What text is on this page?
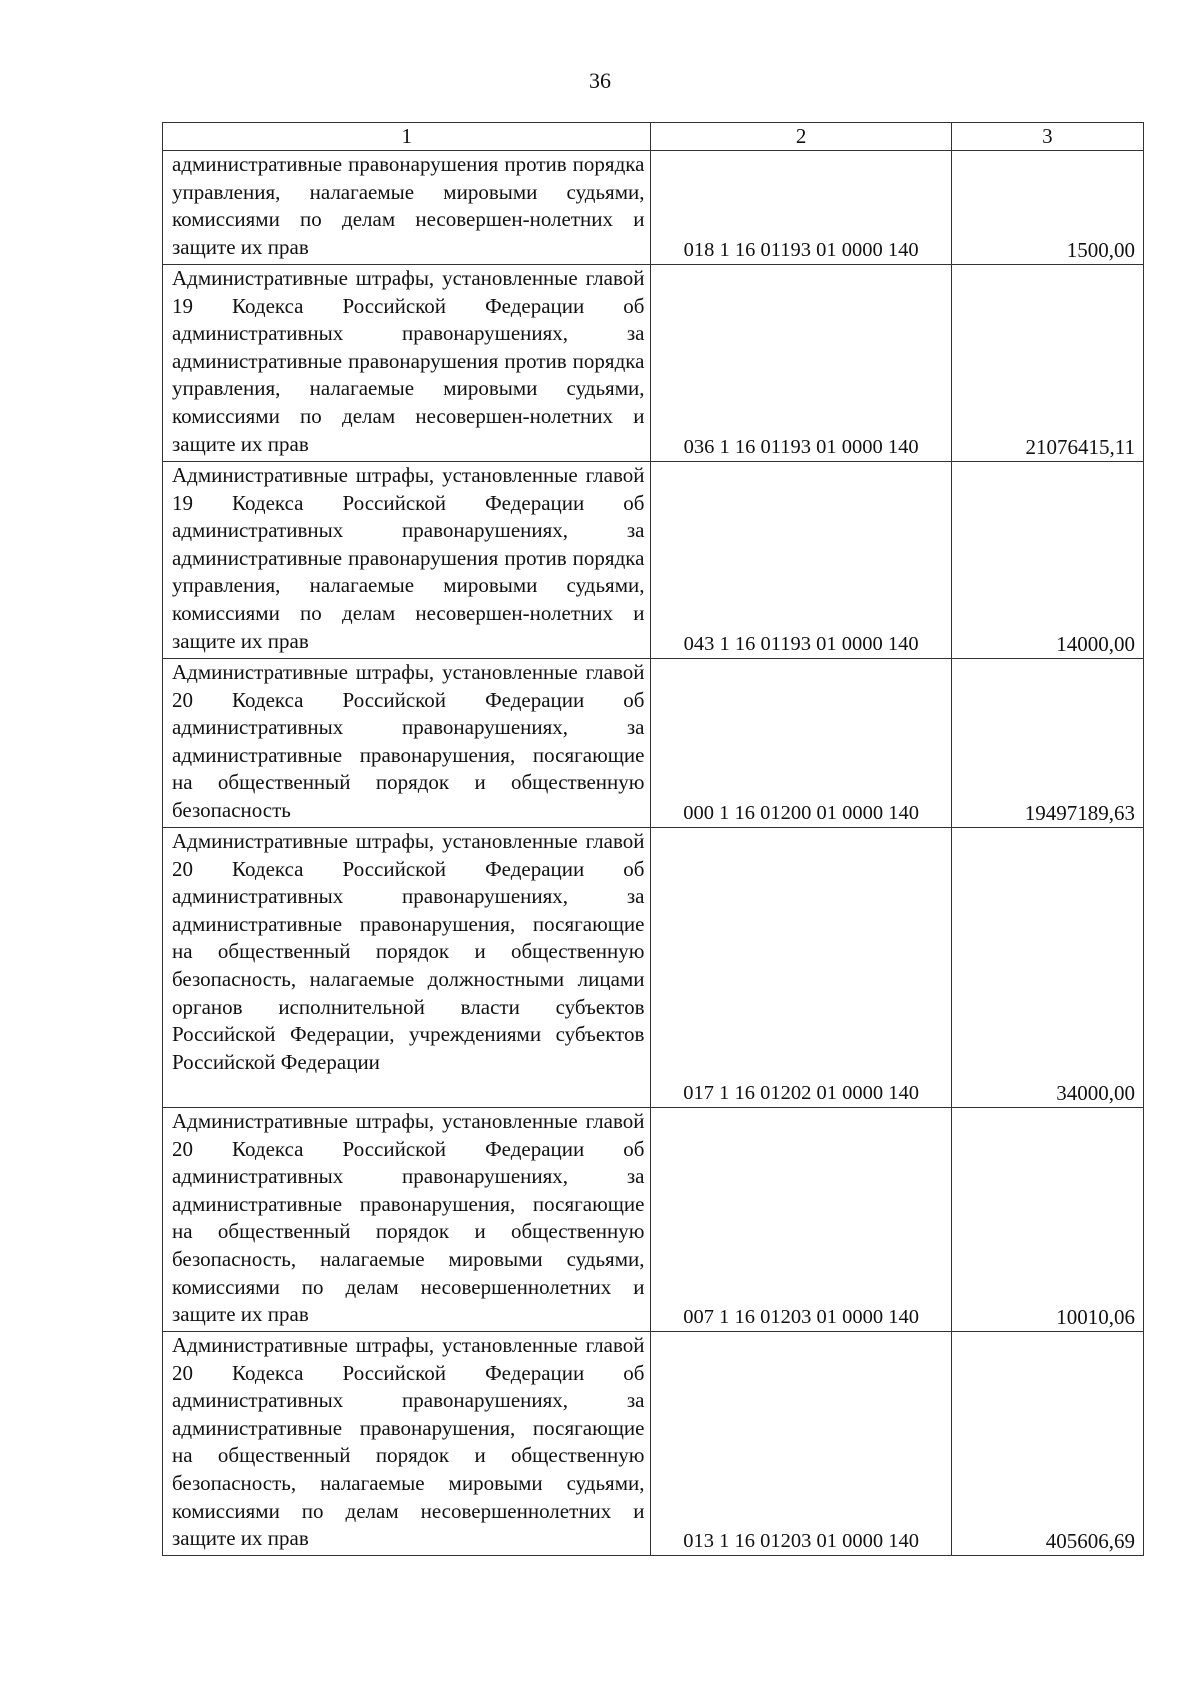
36
1	2	3
административные правонарушения против порядка управления, налагаемые мировыми судьями, комиссиями по делам несовершен-нолетних и защите их прав	018 1 16 01193 01 0000 140	1500,00
Административные штрафы, установленные главой 19 Кодекса Российской Федерации об административных правонарушениях, за административные правонарушения против порядка управления, налагаемые мировыми судьями, комиссиями по делам несовершен-нолетних и защите их прав	036 1 16 01193 01 0000 140	21076415,11
Административные штрафы, установленные главой 19 Кодекса Российской Федерации об административных правонарушениях, за административные правонарушения против порядка управления, налагаемые мировыми судьями, комиссиями по делам несовершен-нолетних и защите их прав	043 1 16 01193 01 0000 140	14000,00
Административные штрафы, установленные главой 20 Кодекса Российской Федерации об административных правонарушениях, за административные правонарушения, посягающие на общественный порядок и общественную безопасность	000 1 16 01200 01 0000 140	19497189,63
Административные штрафы, установленные главой 20 Кодекса Российской Федерации об административных правонарушениях, за административные правонарушения, посягающие на общественный порядок и общественную безопасность, налагаемые должностными лицами органов исполнительной власти субъектов Российской Федерации, учреждениями субъектов Российской Федерации	017 1 16 01202 01 0000 140	34000,00
Административные штрафы, установленные главой 20 Кодекса Российской Федерации об административных правонарушениях, за административные правонарушения, посягающие на общественный порядок и общественную безопасность, налагаемые мировыми судьями, комиссиями по делам несовершеннолетних и защите их прав	007 1 16 01203 01 0000 140	10010,06
Административные штрафы, установленные главой 20 Кодекса Российской Федерации об административных правонарушениях, за административные правонарушения, посягающие на общественный порядок и общественную безопасность, налагаемые мировыми судьями, комиссиями по делам несовершеннолетних и защите их прав	013 1 16 01203 01 0000 140	405606,69
